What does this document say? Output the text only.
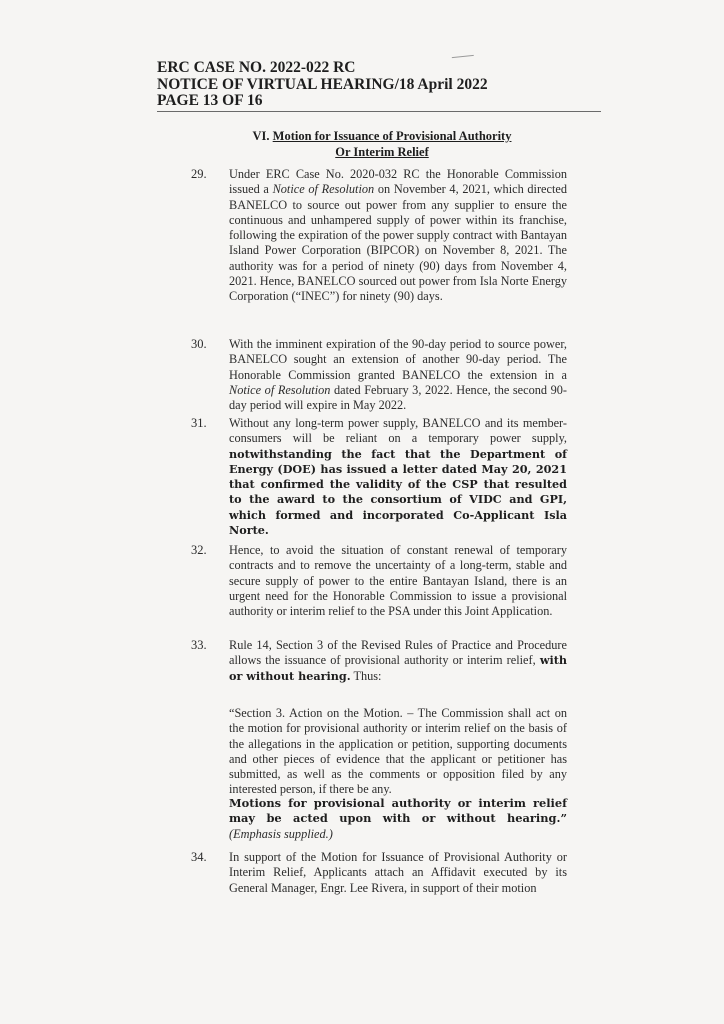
ERC CASE NO. 2022-022 RC
NOTICE OF VIRTUAL HEARING/18 April 2022
PAGE 13 OF 16
VI. Motion for Issuance of Provisional Authority
Or Interim Relief
29. Under ERC Case No. 2020-032 RC the Honorable Commission issued a Notice of Resolution on November 4, 2021, which directed BANELCO to source out power from any supplier to ensure the continuous and unhampered supply of power within its franchise, following the expiration of the power supply contract with Bantayan Island Power Corporation (BIPCOR) on November 8, 2021. The authority was for a period of ninety (90) days from November 4, 2021. Hence, BANELCO sourced out power from Isla Norte Energy Corporation (“INEC”) for ninety (90) days.
30. With the imminent expiration of the 90-day period to source power, BANELCO sought an extension of another 90-day period. The Honorable Commission granted BANELCO the extension in a Notice of Resolution dated February 3, 2022. Hence, the second 90-day period will expire in May 2022.
31. Without any long-term power supply, BANELCO and its member-consumers will be reliant on a temporary power supply, notwithstanding the fact that the Department of Energy (DOE) has issued a letter dated May 20, 2021 that confirmed the validity of the CSP that resulted to the award to the consortium of VIDC and GPI, which formed and incorporated Co-Applicant Isla Norte.
32. Hence, to avoid the situation of constant renewal of temporary contracts and to remove the uncertainty of a long-term, stable and secure supply of power to the entire Bantayan Island, there is an urgent need for the Honorable Commission to issue a provisional authority or interim relief to the PSA under this Joint Application.
33. Rule 14, Section 3 of the Revised Rules of Practice and Procedure allows the issuance of provisional authority or interim relief, with or without hearing. Thus:
“Section 3. Action on the Motion. – The Commission shall act on the motion for provisional authority or interim relief on the basis of the allegations in the application or petition, supporting documents and other pieces of evidence that the applicant or petitioner has submitted, as well as the comments or opposition filed by any interested person, if there be any.
Motions for provisional authority or interim relief may be acted upon with or without hearing.” (Emphasis supplied.)
34. In support of the Motion for Issuance of Provisional Authority or Interim Relief, Applicants attach an Affidavit executed by its General Manager, Engr. Lee Rivera, in support of their motion
